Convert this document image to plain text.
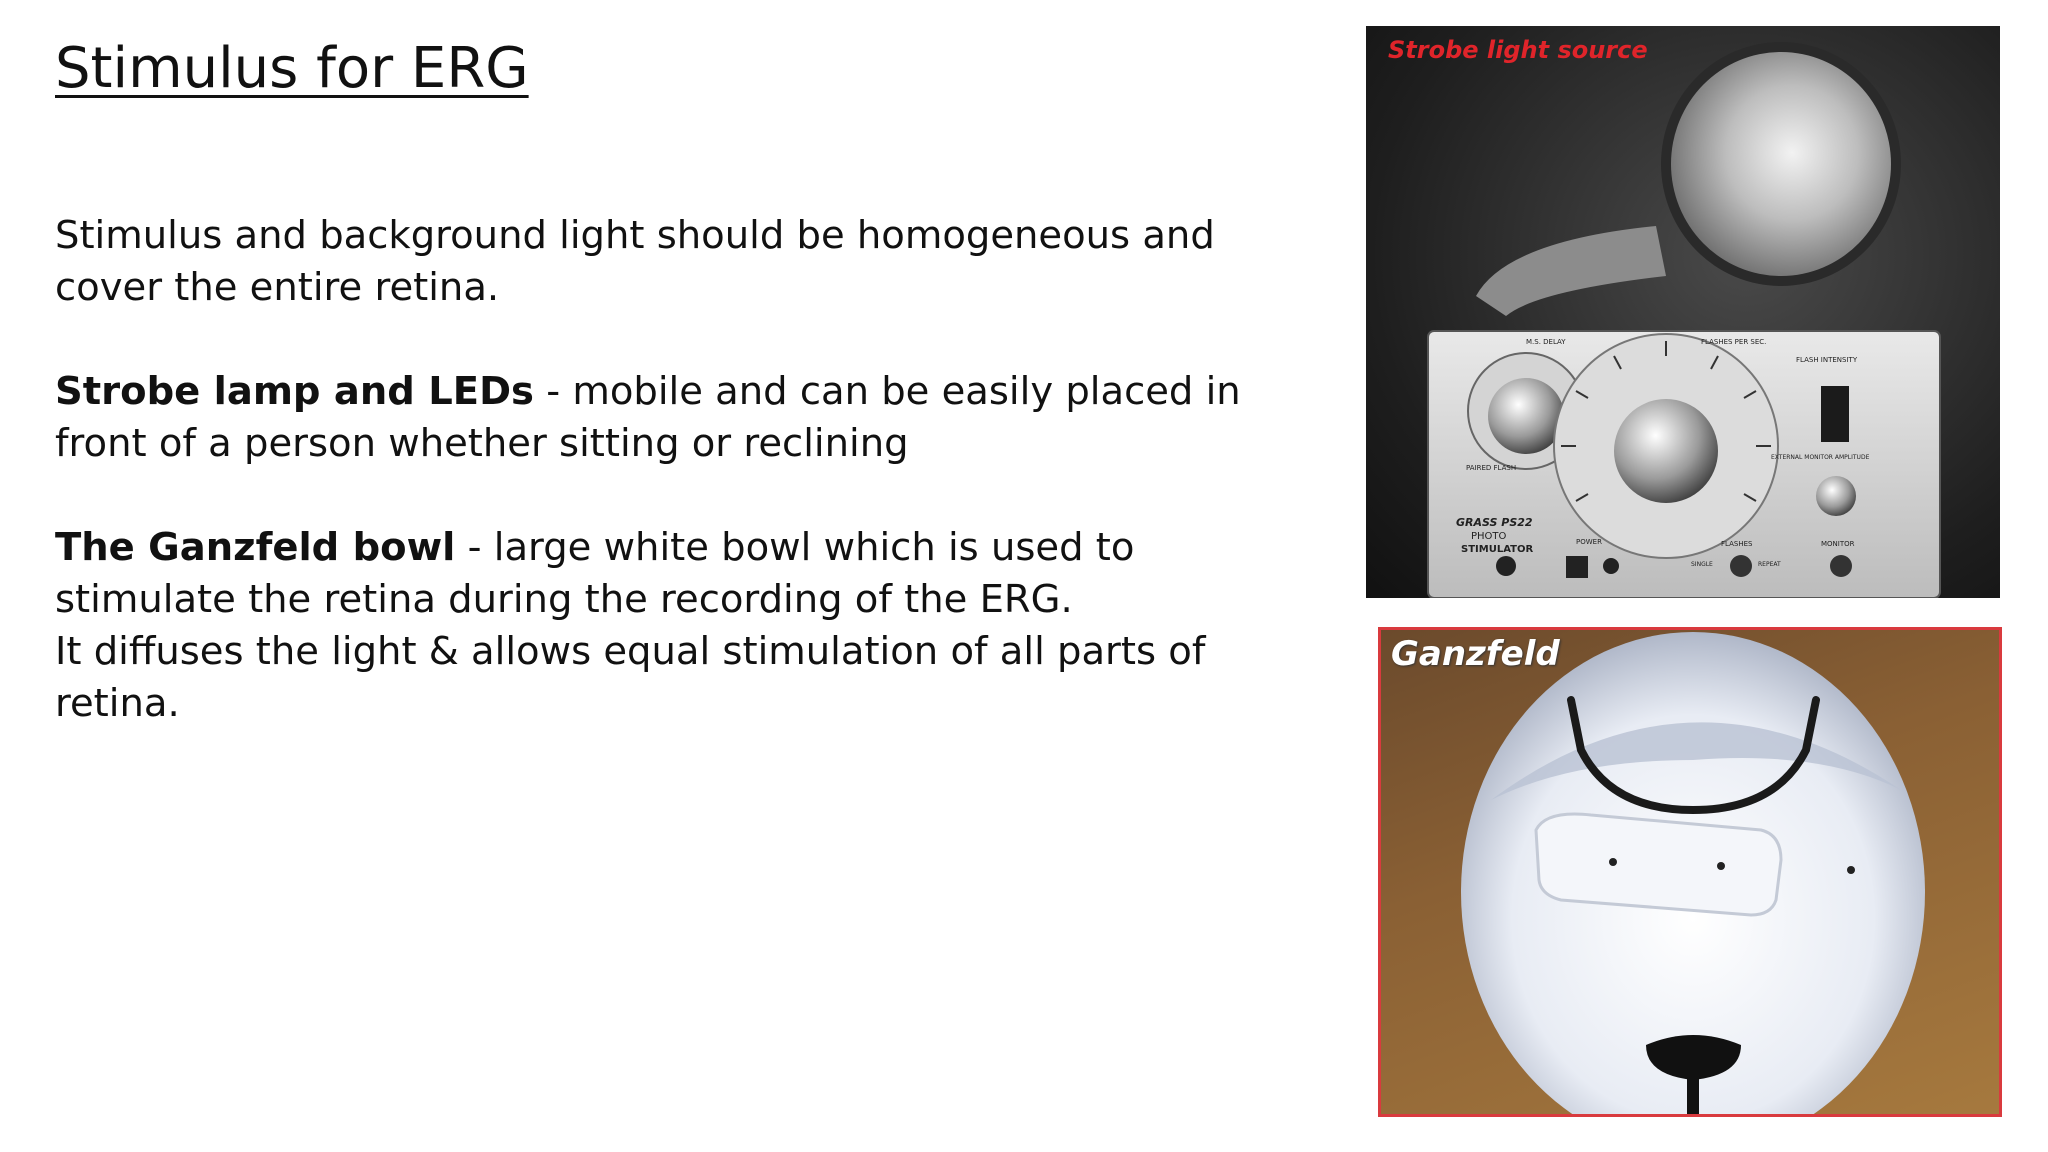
Stimulus for ERG

Stimulus and background light should be homogeneous and cover the entire retina.

Strobe lamp and LEDs - mobile and can be easily placed in front of a person whether sitting or reclining

The Ganzfeld bowl - large white bowl which is used to stimulate the retina during the recording of the ERG.

It diffuses the light & allows equal stimulation of all parts of retina.

GRASS PS22
PHOTO
STIMULATOR
M.S. DELAY	FLASHES PER SEC.
FLASH INTENSITY
PAIRED FLASH
POWER	FLASHES
SINGLE	REPEAT
MONITOR
EXTERNAL MONITOR AMPLITUDE
Strobe light source
Ganzfeld
